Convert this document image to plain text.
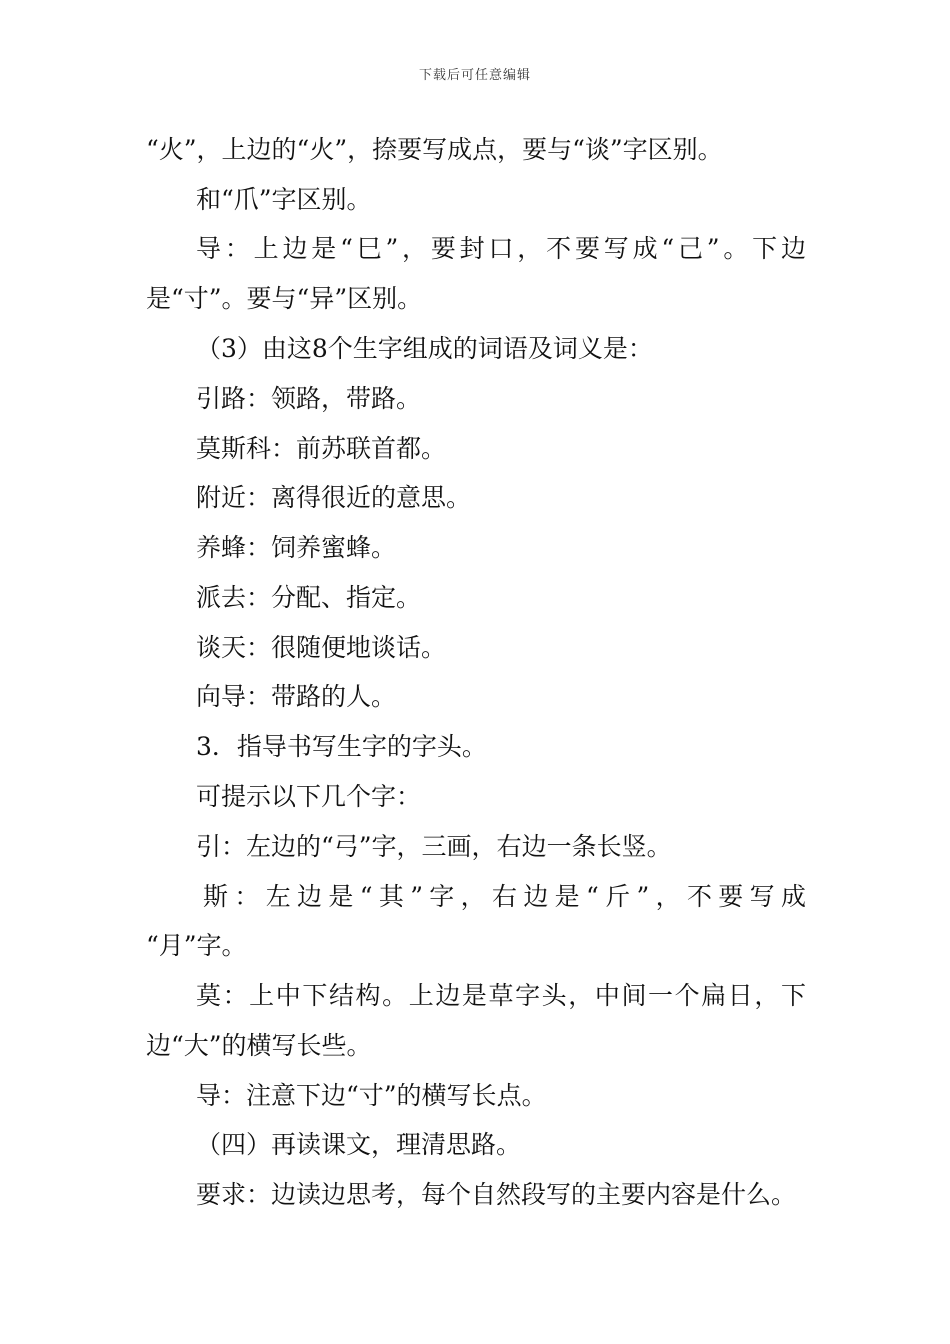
下载后可任意编辑
“火”，上边的“火”，捺要写成点，要与“谈”字区别。
和“爪”字区别。
导：上边是“巳”，要封口，不要写成“己”。下边
是“寸”。要与“异”区别。
（3）由这8个生字组成的词语及词义是：
引路：领路，带路。
莫斯科：前苏联首都。
附近：离得很近的意思。
养蜂：饲养蜜蜂。
派去：分配、指定。
谈天：很随便地谈话。
向导：带路的人。
3．指导书写生字的字头。
可提示以下几个字：
引：左边的“弓”字，三画，右边一条长竖。
斯：左边是“其”字，右边是“斤”，不要写成
“月”字。
莫：上中下结构。上边是草字头，中间一个扁日，下
边“大”的横写长些。
导：注意下边“寸”的横写长点。
（四）再读课文，理清思路。
要求：边读边思考，每个自然段写的主要内容是什么。
